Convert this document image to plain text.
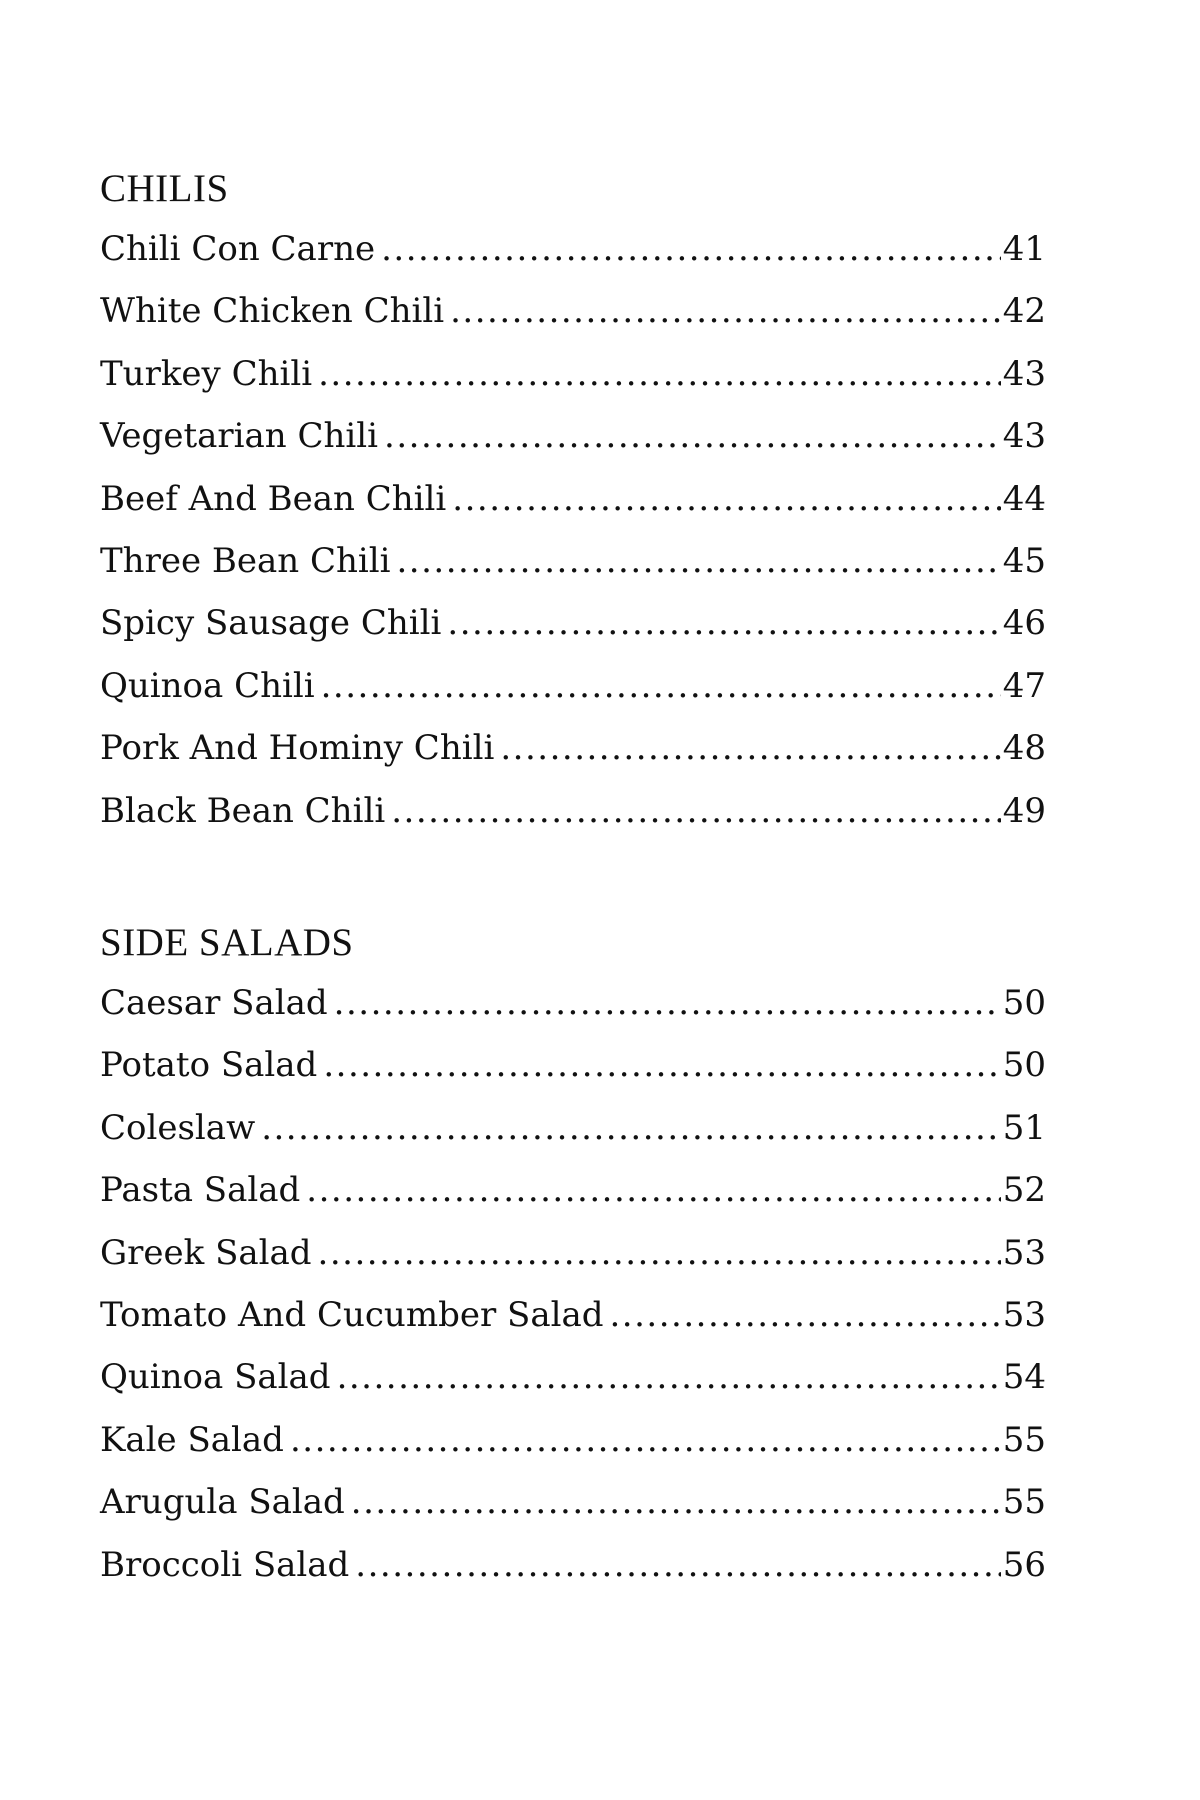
CHILIS
Chili Con Carne .....	41
White Chicken Chili .....	42
Turkey Chili .....	43
Vegetarian Chili .....	43
Beef And Bean Chili .....	44
Three Bean Chili .....	45
Spicy Sausage Chili .....	46
Quinoa Chili .....	47
Pork And Hominy Chili .....	48
Black Bean Chili .....	49
SIDE SALADS
Caesar Salad .....	50
Potato Salad .....	50
Coleslaw .....	51
Pasta Salad .....	52
Greek Salad .....	53
Tomato And Cucumber Salad .....	53
Quinoa Salad .....	54
Kale Salad .....	55
Arugula Salad .....	55
Broccoli Salad .....	56
